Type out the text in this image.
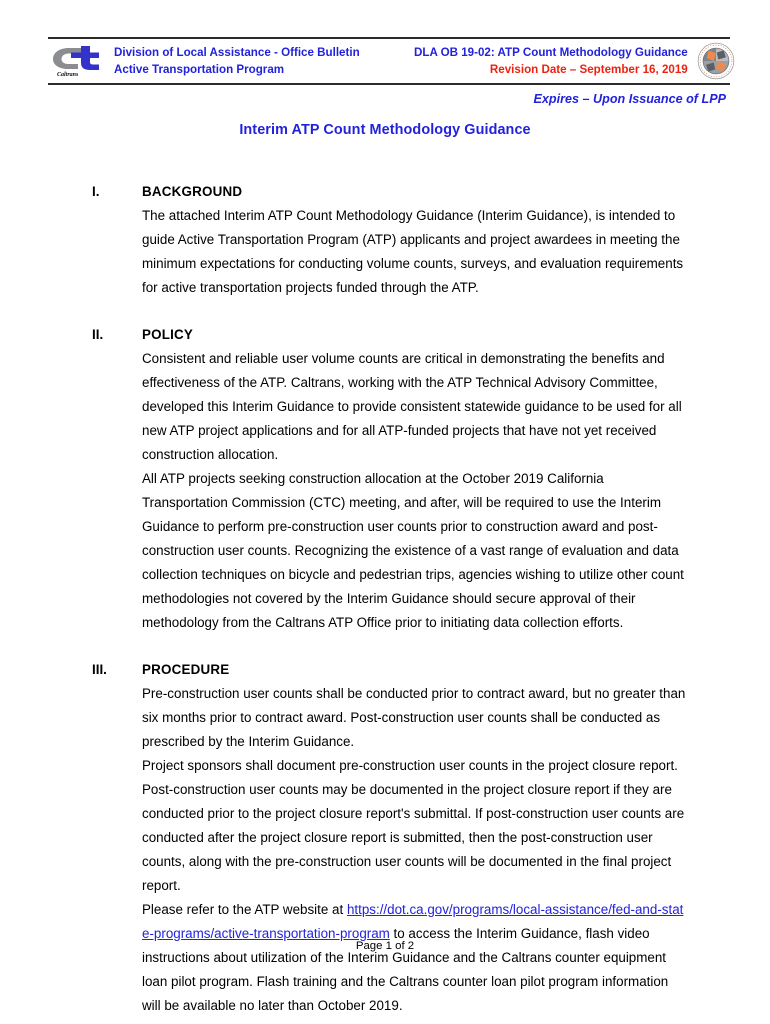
Caltrans
Division of Local Assistance - Office Bulletin
Active Transportation Program
DLA OB 19-02: ATP Count Methodology Guidance
Revision Date – September 16, 2019
Expires – Upon Issuance of LPP
Interim ATP Count Methodology Guidance
I.	BACKGROUND

The attached Interim ATP Count Methodology Guidance (Interim Guidance), is intended to guide Active Transportation Program (ATP) applicants and project awardees in meeting the minimum expectations for conducting volume counts, surveys, and evaluation requirements for active transportation projects funded through the ATP.

II.	POLICY

Consistent and reliable user volume counts are critical in demonstrating the benefits and effectiveness of the ATP. Caltrans, working with the ATP Technical Advisory Committee, developed this Interim Guidance to provide consistent statewide guidance to be used for all new ATP project applications and for all ATP-funded projects that have not yet received construction allocation.

All ATP projects seeking construction allocation at the October 2019 California Transportation Commission (CTC) meeting, and after, will be required to use the Interim Guidance to perform pre-construction user counts prior to construction award and post-construction user counts. Recognizing the existence of a vast range of evaluation and data collection techniques on bicycle and pedestrian trips, agencies wishing to utilize other count methodologies not covered by the Interim Guidance should secure approval of their methodology from the Caltrans ATP Office prior to initiating data collection efforts.

III.	PROCEDURE

Pre-construction user counts shall be conducted prior to contract award, but no greater than six months prior to contract award. Post-construction user counts shall be conducted as prescribed by the Interim Guidance.

Project sponsors shall document pre-construction user counts in the project closure report. Post-construction user counts may be documented in the project closure report if they are conducted prior to the project closure report's submittal. If post-construction user counts are conducted after the project closure report is submitted, then the post-construction user counts, along with the pre-construction user counts will be documented in the final project report.

Please refer to the ATP website at https://dot.ca.gov/programs/local-assistance/fed-and-state-programs/active-transportation-program to access the Interim Guidance, flash video instructions about utilization of the Interim Guidance and the Caltrans counter equipment loan pilot program. Flash training and the Caltrans counter loan pilot program information will be available no later than October 2019.

Page 1 of 2
